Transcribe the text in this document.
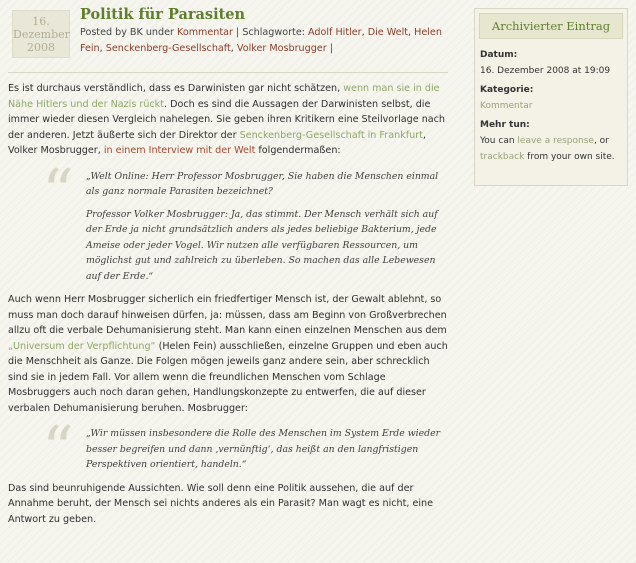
16.
Dezember
2008
Politik für Parasiten
Posted by BK under Kommentar | Schlagworte: Adolf Hitler, Die Welt, Helen Fein, Senckenberg-Gesellschaft, Volker Mosbrugger |

Es ist durchaus verständlich, dass es Darwinisten gar nicht schätzen, wenn man sie in die Nähe Hitlers und der Nazis rückt. Doch es sind die Aussagen der Darwinisten selbst, die immer wieder diesen Vergleich nahelegen. Sie geben ihren Kritikern eine Steilvorlage nach der anderen. Jetzt äußerte sich der Direktor der Senckenberg-Gesellschaft in Frankfurt, Volker Mosbrugger, in einem Interview mit der Welt folgendermaßen:

“ „Welt Online: Herr Professor Mosbrugger, Sie haben die Menschen einmal als ganz normale Parasiten bezeichnet?

Professor Volker Mosbrugger: Ja, das stimmt. Der Mensch verhält sich auf der Erde ja nicht grundsätzlich anders als jedes beliebige Bakterium, jede Ameise oder jeder Vogel. Wir nutzen alle verfügbaren Ressourcen, um möglichst gut und zahlreich zu überleben. So machen das alle Lebewesen auf der Erde.“

Auch wenn Herr Mosbrugger sicherlich ein friedfertiger Mensch ist, der Gewalt ablehnt, so muss man doch darauf hinweisen dürfen, ja: müssen, dass am Beginn von Großverbrechen allzu oft die verbale Dehumanisierung steht. Man kann einen einzelnen Menschen aus dem „Universum der Verpflichtung“ (Helen Fein) ausschließen, einzelne Gruppen und eben auch die Menschheit als Ganze. Die Folgen mögen jeweils ganz andere sein, aber schrecklich sind sie in jedem Fall. Vor allem wenn die freundlichen Menschen vom Schlage Mosbruggers auch noch daran gehen, Handlungskonzepte zu entwerfen, die auf dieser verbalen Dehumanisierung beruhen. Mosbrugger:

“ „Wir müssen insbesondere die Rolle des Menschen im System Erde wieder besser begreifen und dann ‚vernünftig‘, das heißt an den langfristigen Perspektiven orientiert, handeln.“

Das sind beunruhigende Aussichten. Wie soll denn eine Politik aussehen, die auf der Annahme beruht, der Mensch sei nichts anderes als ein Parasit? Man wagt es nicht, eine Antwort zu geben.

Archivierter Eintrag
Datum:
16. Dezember 2008 at 19:09
Kategorie:
Kommentar
Mehr tun:
You can leave a response, or trackback from your own site.
